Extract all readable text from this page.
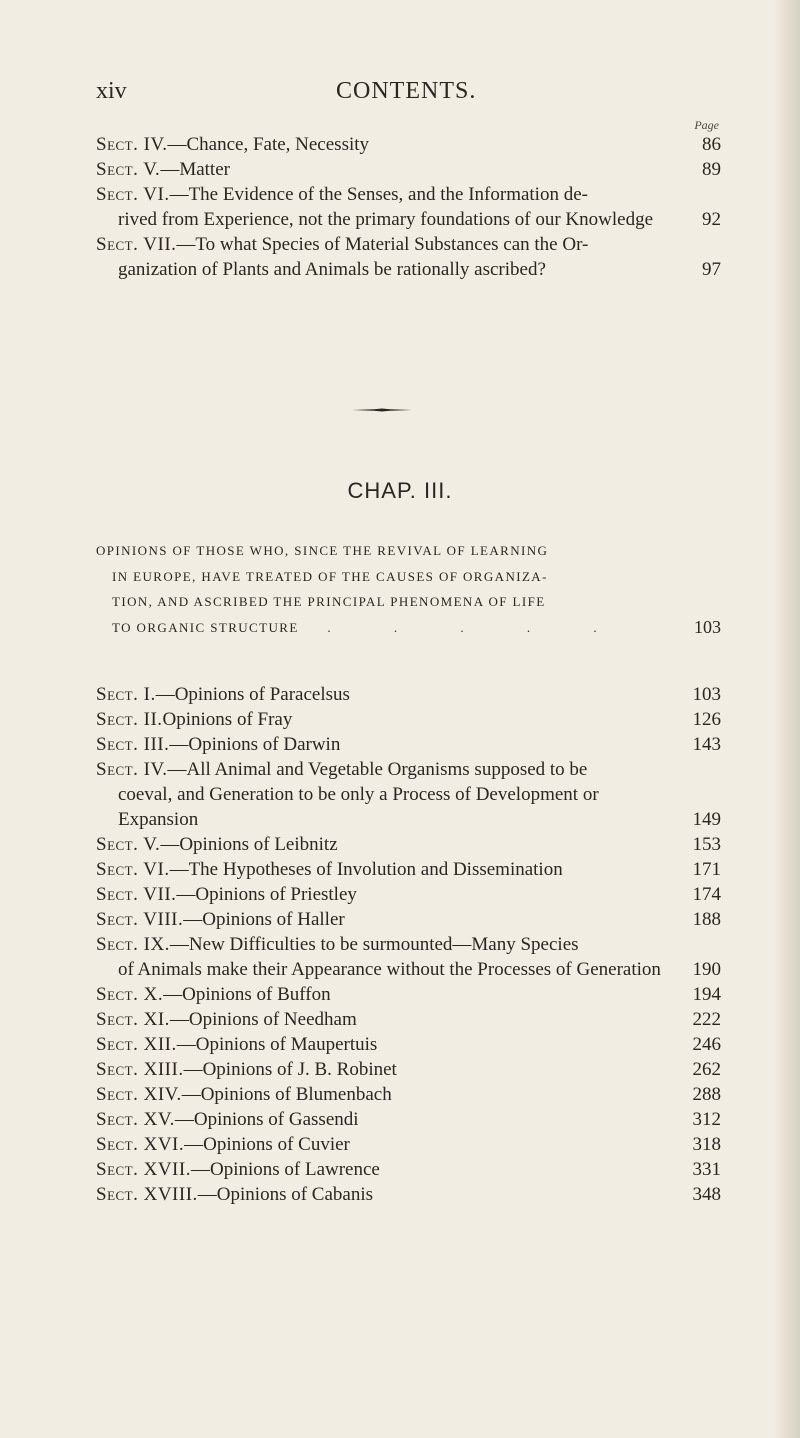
xiv	CONTENTS.
Page
Sect. IV.—Chance, Fate, Necessity	86
Sect. V.—Matter	89
Sect. VI.—The Evidence of the Senses, and the Information de-
rived from Experience, not the primary foundations of our Knowledge	92
Sect. VII.—To what Species of Material Substances can the Or-
ganization of Plants and Animals be rationally ascribed?	97
CHAP. III.
OPINIONS OF THOSE WHO, SINCE THE REVIVAL OF LEARNING
IN EUROPE, HAVE TREATED OF THE CAUSES OF ORGANIZA-
TION, AND ASCRIBED THE PRINCIPAL PHENOMENA OF LIFE
TO ORGANIC STRUCTURE . . . . .	103
Sect. I.—Opinions of Paracelsus	103
Sect. II.Opinions of Fray	126
Sect. III.—Opinions of Darwin	143
Sect. IV.—All Animal and Vegetable Organisms supposed to be
coeval, and Generation to be only a Process of Development or Expansion	149
Sect. V.—Opinions of Leibnitz	153
Sect. VI.—The Hypotheses of Involution and Dissemination	171
Sect. VII.—Opinions of Priestley	174
Sect. VIII.—Opinions of Haller	188
Sect. IX.—New Difficulties to be surmounted—Many Species
of Animals make their Appearance without the Processes of Generation	190
Sect. X.—Opinions of Buffon	194
Sect. XI.—Opinions of Needham	222
Sect. XII.—Opinions of Maupertuis	246
Sect. XIII.—Opinions of J. B. Robinet	262
Sect. XIV.—Opinions of Blumenbach	288
Sect. XV.—Opinions of Gassendi	312
Sect. XVI.—Opinions of Cuvier	318
Sect. XVII.—Opinions of Lawrence	331
Sect. XVIII.—Opinions of Cabanis	348
